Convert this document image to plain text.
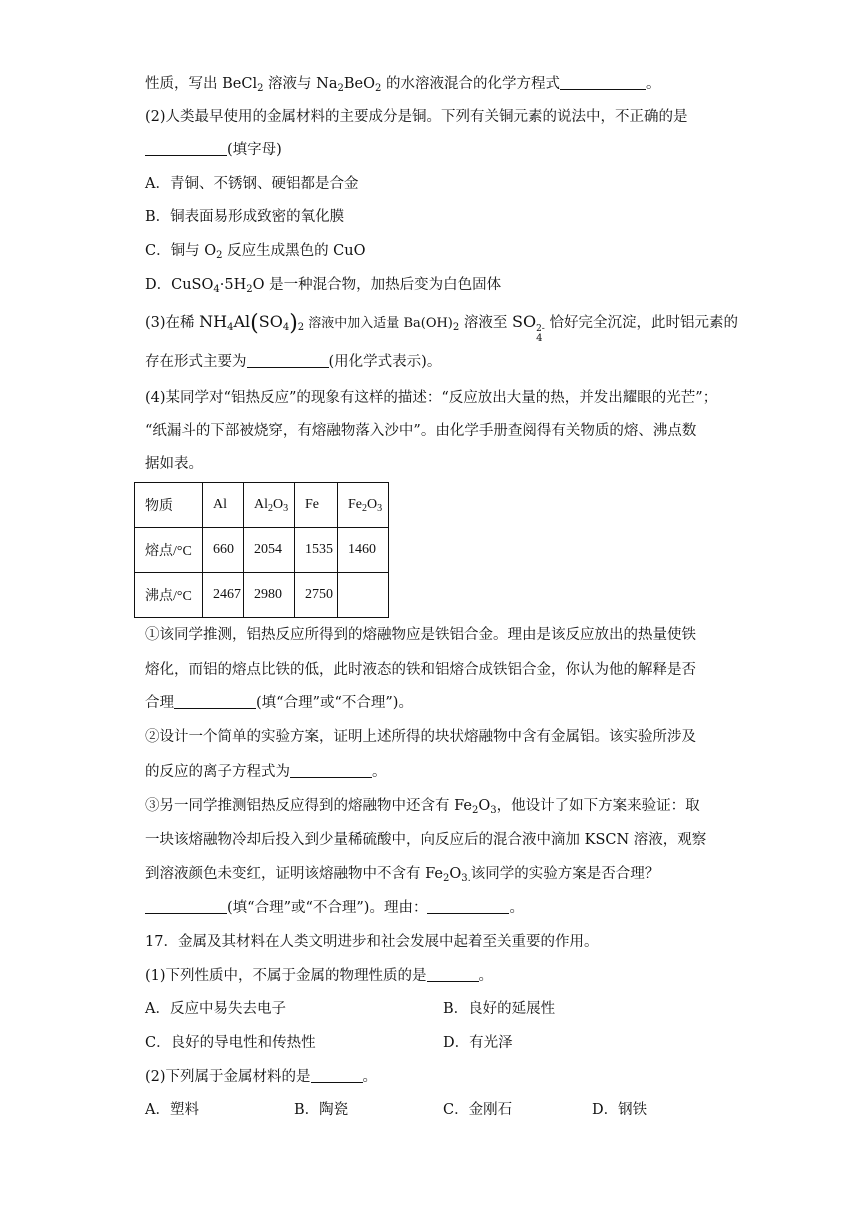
性质，写出 BeCl$_2$ 溶液与 $Na_2BeO_2$ 的水溶液混合的化学方程式	。
(2)人类最早使用的金属材料的主要成分是铜。下列有关铜元素的说法中，不正确的是
(填字母)
A．青铜、不锈钢、硬铝都是合金
B．铜表面易形成致密的氧化膜
C．铜与 $O_2$ 反应生成黑色的 CuO
D．$CuSO_4\cdot 5H_2O$ 是一种混合物，加热后变为白色固体
(3)在稀 $NH_4Al(SO_4)_2$ 溶液中加入适量 $Ba(OH)_2$ 溶液至 SO 2-
4
恰好完全沉淀，此时铝元素的
存在形式主要为	(用化学式表示)。
(4)某同学对“铝热反应”的现象有这样的描述：“反应放出大量的热，并发出耀眼的光芒”；
“纸漏斗的下部被烧穿，有熔融物落入沙中”。由化学手册查阅得有关物质的熔、沸点数
据如表。
物质	Al	$Al_2O_3$	Fe	$Fe_2O_3$
熔点/°C	660	2054	1535	1460
沸点/°C	2467	2980	2750	
①该同学推测，铝热反应所得到的熔融物应是铁铝合金。理由是该反应放出的热量使铁
熔化，而铝的熔点比铁的低，此时液态的铁和铝熔合成铁铝合金，你认为他的解释是否
合理	(填“合理”或“不合理”)。
②设计一个简单的实验方案，证明上述所得的块状熔融物中含有金属铝。该实验所涉及
的反应的离子方程式为	。
③另一同学推测铝热反应得到的熔融物中还含有 $Fe_2O_3$，他设计了如下方案来验证：取
一块该熔融物冷却后投入到少量稀硫酸中，向反应后的混合液中滴加 KSCN 溶液，观察
到溶液颜色未变红，证明该熔融物中不含有 $Fe_2O_{3.}$该同学的实验方案是否合理？
(填“合理”或“不合理”)。理由：	。
17．金属及其材料在人类文明进步和社会发展中起着至关重要的作用。
(1)下列性质中，不属于金属的物理性质的是	。
A．反应中易失去电子	B．良好的延展性
C．良好的导电性和传热性	D．有光泽
(2)下列属于金属材料的是	。
A．塑料	B．陶瓷	C．金刚石	D．钢铁
